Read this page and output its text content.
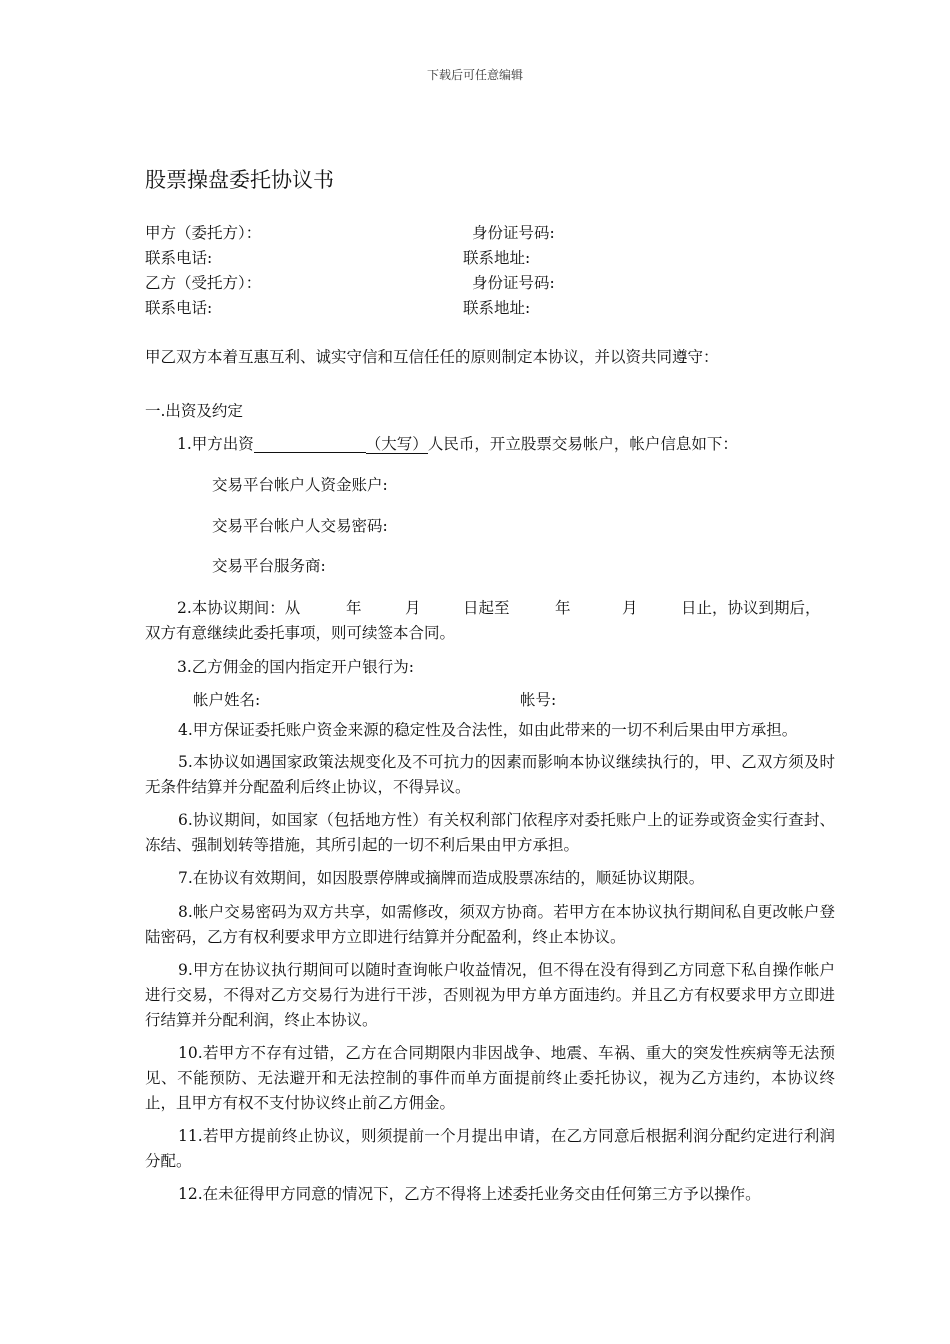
下载后可任意编辑
股票操盘委托协议书
甲方（委托方）：	身份证号码:
联系电话:	联系地址:
乙方（受托方）：	身份证号码:
联系电话:	联系地址:
甲乙双方本着互惠互利、诚实守信和互信任任的原则制定本协议，并以资共同遵守：
一.出资及约定
1.甲方出资	（大写）人民币，开立股票交易帐户，帐户信息如下：
交易平台帐户人资金账户:
交易平台帐户人交易密码:
交易平台服务商:
2.本协议期间：从	年	月	日起至	年	月	日止，协议到期后，
双方有意继续此委托事项，则可续签本合同。
3.乙方佣金的国内指定开户银行为:
帐户姓名:	帐号:

4.甲方保证委托账户资金来源的稳定性及合法性，如由此带来的一切不利后果由甲方承担。

5.本协议如遇国家政策法规变化及不可抗力的因素而影响本协议继续执行的，甲、乙双方须及时无条件结算并分配盈利后终止协议，不得异议。

6.协议期间，如国家（包括地方性）有关权利部门依程序对委托账户上的证券或资金实行查封、冻结、强制划转等措施，其所引起的一切不利后果由甲方承担。

7.在协议有效期间，如因股票停牌或摘牌而造成股票冻结的，顺延协议期限。

8.帐户交易密码为双方共享，如需修改，须双方协商。若甲方在本协议执行期间私自更改帐户登陆密码，乙方有权利要求甲方立即进行结算并分配盈利，终止本协议。

9.甲方在协议执行期间可以随时查询帐户收益情况，但不得在没有得到乙方同意下私自操作帐户进行交易，不得对乙方交易行为进行干涉，否则视为甲方单方面违约。并且乙方有权要求甲方立即进行结算并分配利润，终止本协议。

10.若甲方不存有过错，乙方在合同期限内非因战争、地震、车祸、重大的突发性疾病等无法预见、不能预防、无法避开和无法控制的事件而单方面提前终止委托协议，视为乙方违约，本协议终止，且甲方有权不支付协议终止前乙方佣金。

11.若甲方提前终止协议，则须提前一个月提出申请，在乙方同意后根据利润分配约定进行利润分配。

12.在未征得甲方同意的情况下，乙方不得将上述委托业务交由任何第三方予以操作。
